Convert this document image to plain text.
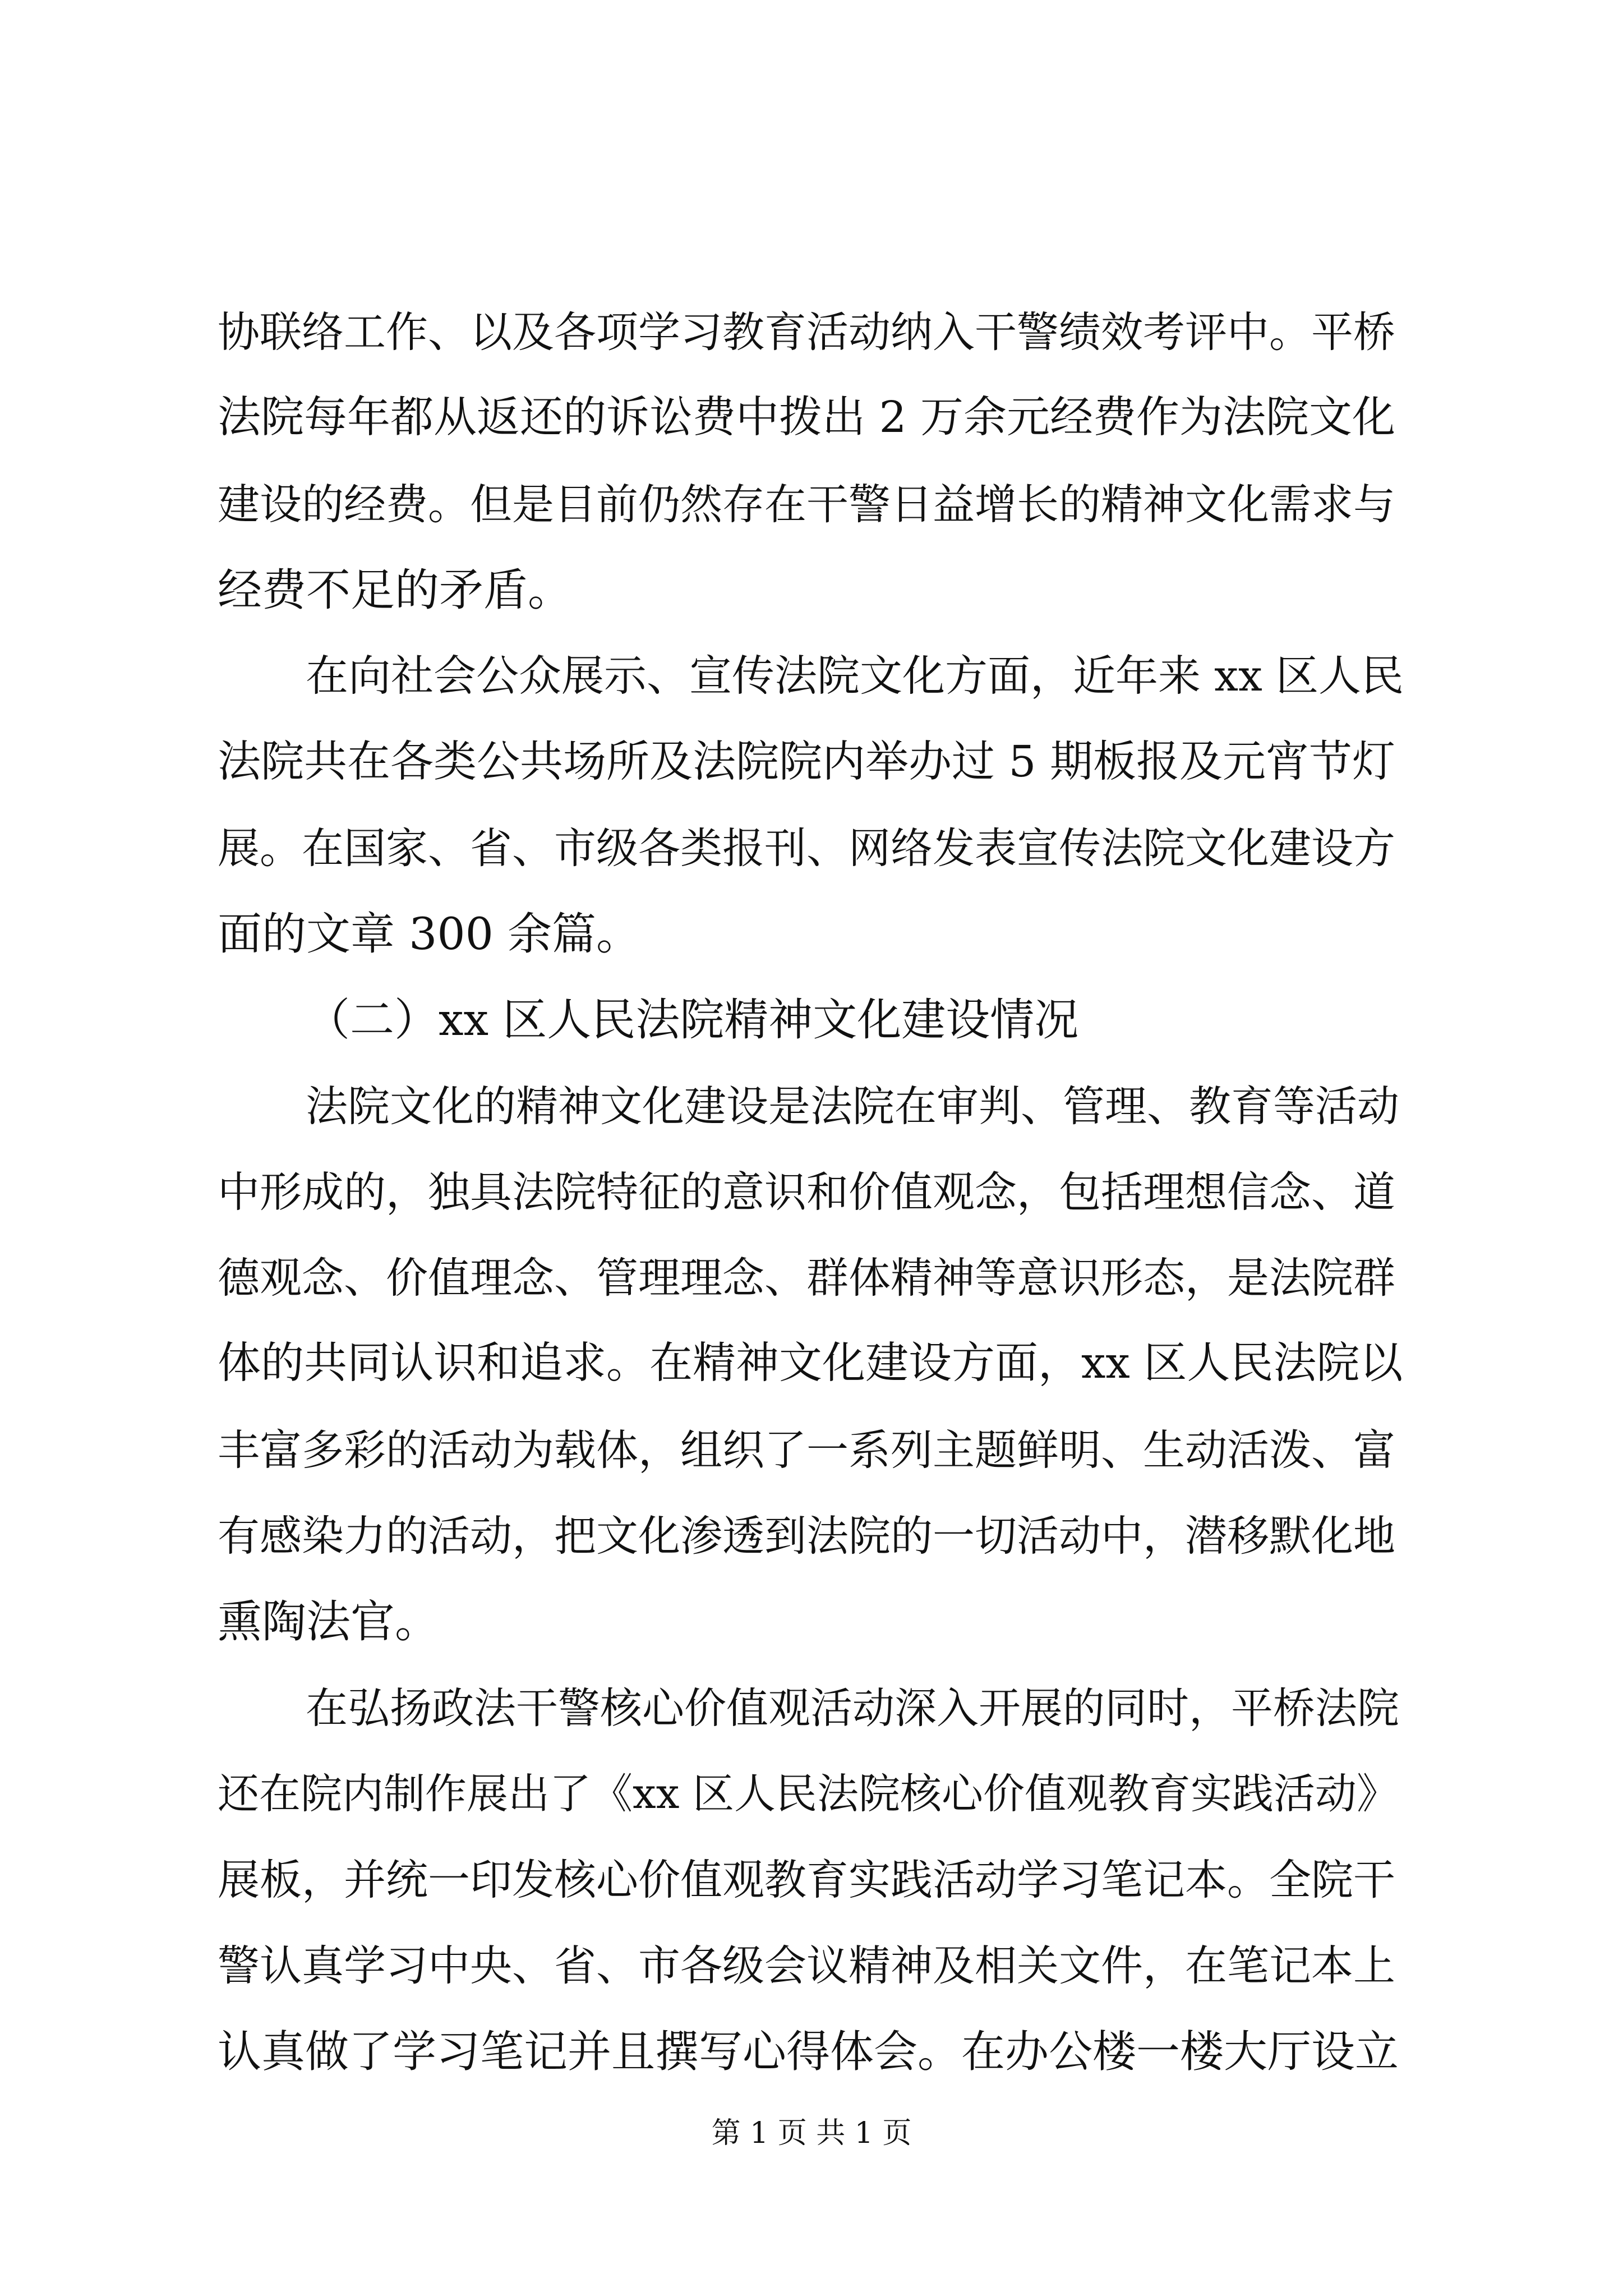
协联络工作、以及各项学习教育活动纳入干警绩效考评中。平桥

法院每年都从返还的诉讼费中拨出 2 万余元经费作为法院文化

建设的经费。但是目前仍然存在干警日益增长的精神文化需求与

经费不足的矛盾。

在向社会公众展示、宣传法院文化方面，近年来 xx 区人民

法院共在各类公共场所及法院院内举办过 5 期板报及元宵节灯

展。在国家、省、市级各类报刊、网络发表宣传法院文化建设方

面的文章 300 余篇。

（二）xx 区人民法院精神文化建设情况

法院文化的精神文化建设是法院在审判、管理、教育等活动

中形成的，独具法院特征的意识和价值观念，包括理想信念、道

德观念、价值理念、管理理念、群体精神等意识形态，是法院群

体的共同认识和追求。在精神文化建设方面，xx 区人民法院以

丰富多彩的活动为载体，组织了一系列主题鲜明、生动活泼、富

有感染力的活动，把文化渗透到法院的一切活动中，潜移默化地

熏陶法官。

在弘扬政法干警核心价值观活动深入开展的同时，平桥法院

还在院内制作展出了《xx 区人民法院核心价值观教育实践活动》

展板，并统一印发核心价值观教育实践活动学习笔记本。全院干

警认真学习中央、省、市各级会议精神及相关文件，在笔记本上

认真做了学习笔记并且撰写心得体会。在办公楼一楼大厅设立

第 1 页 共 1 页
